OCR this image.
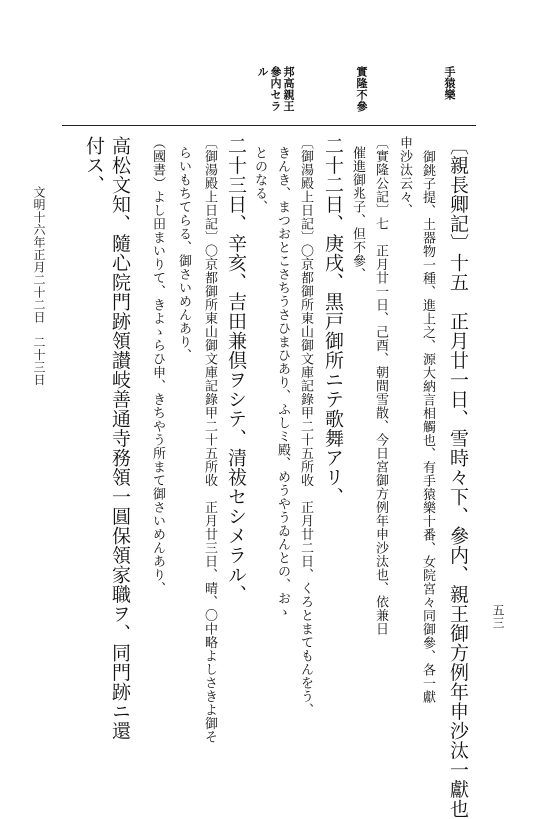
手猿樂
實隆不參
邦高親王
參内セラ
ル
〔親長卿記〕十五　正月廿一日、雪時々下、參内、親王御方例年申沙汰一獻也
御銚子提、土器物一種、進上之、源大納言相觸也、有手猿樂十番、女院宮々同御參、各一獻
申沙汰云々、
〔實隆公記〕七　正月廿一日、己酉、朝間雪散、今日宮御方例年申沙汰也、依兼日
催進御兆子、但不參、
二十二日、庚戌、黒戸御所ニテ歌舞アリ、
〔御湯殿上日記〕〇京都御所東山御文庫記錄甲二十五所收　正月廿二日、くろとまてもんをう、
きんき、まつおとこさちうさひまひあり、ふしミ殿、めうやうゐんとの、おゝ
とのなる、
二十三日、辛亥、吉田兼倶ヲシテ、清祓セシメラル、
〔御湯殿上日記〕〇京都御所東山御文庫記錄甲二十五所收　正月廿三日、晴、〇中略よしさきよ御そ
らいもちてらる、御さいめんあり、
（國書）よし田まいりて、きよゝらひ申、きちやう所まて御さいめんあり、
高松文知、隨心院門跡領讃岐善通寺務領一圓保領家職ヲ、同門跡ニ還
付ス、
文明十六年正月二十二日　二十三日
五三
